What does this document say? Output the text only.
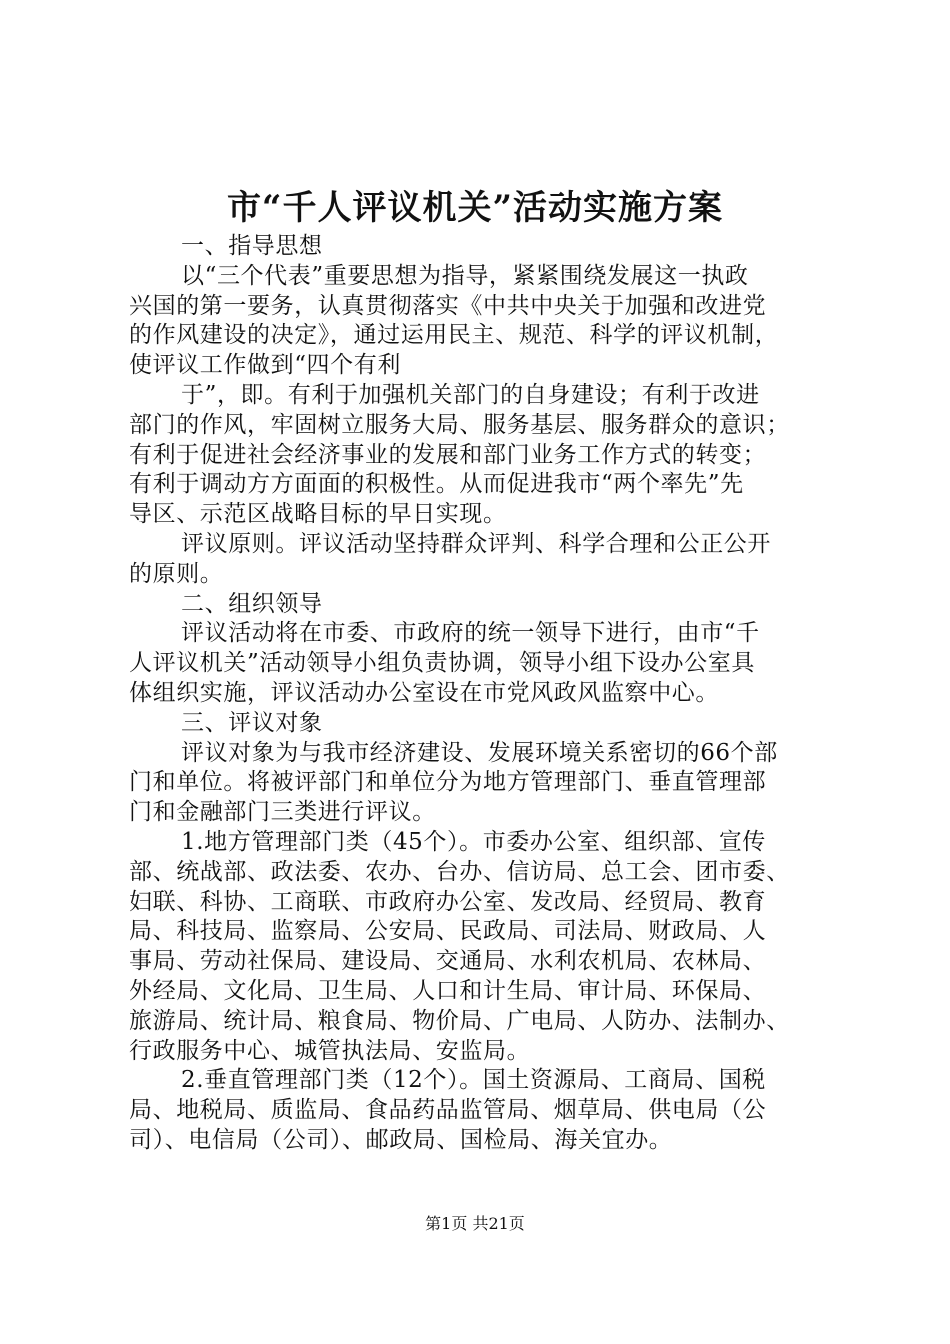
市“千人评议机关”活动实施方案
一、指导思想
以“三个代表”重要思想为指导，紧紧围绕发展这一执政
兴国的第一要务，认真贯彻落实《中共中央关于加强和改进党
的作风建设的决定》，通过运用民主、规范、科学的评议机制，
使评议工作做到“四个有利
于”，即。有利于加强机关部门的自身建设；有利于改进
部门的作风，牢固树立服务大局、服务基层、服务群众的意识；
有利于促进社会经济事业的发展和部门业务工作方式的转变；
有利于调动方方面面的积极性。从而促进我市“两个率先”先
导区、示范区战略目标的早日实现。
评议原则。评议活动坚持群众评判、科学合理和公正公开
的原则。
二、组织领导
评议活动将在市委、市政府的统一领导下进行，由市“千
人评议机关”活动领导小组负责协调，领导小组下设办公室具
体组织实施，评议活动办公室设在市党风政风监察中心。
三、评议对象
评议对象为与我市经济建设、发展环境关系密切的66个部
门和单位。将被评部门和单位分为地方管理部门、垂直管理部
门和金融部门三类进行评议。
1.地方管理部门类（45个）。市委办公室、组织部、宣传
部、统战部、政法委、农办、台办、信访局、总工会、团市委、
妇联、科协、工商联、市政府办公室、发改局、经贸局、教育
局、科技局、监察局、公安局、民政局、司法局、财政局、人
事局、劳动社保局、建设局、交通局、水利农机局、农林局、
外经局、文化局、卫生局、人口和计生局、审计局、环保局、
旅游局、统计局、粮食局、物价局、广电局、人防办、法制办、
行政服务中心、城管执法局、安监局。
2.垂直管理部门类（12个）。国土资源局、工商局、国税
局、地税局、质监局、食品药品监管局、烟草局、供电局（公
司）、电信局（公司）、邮政局、国检局、海关宜办。
第1页 共21页
